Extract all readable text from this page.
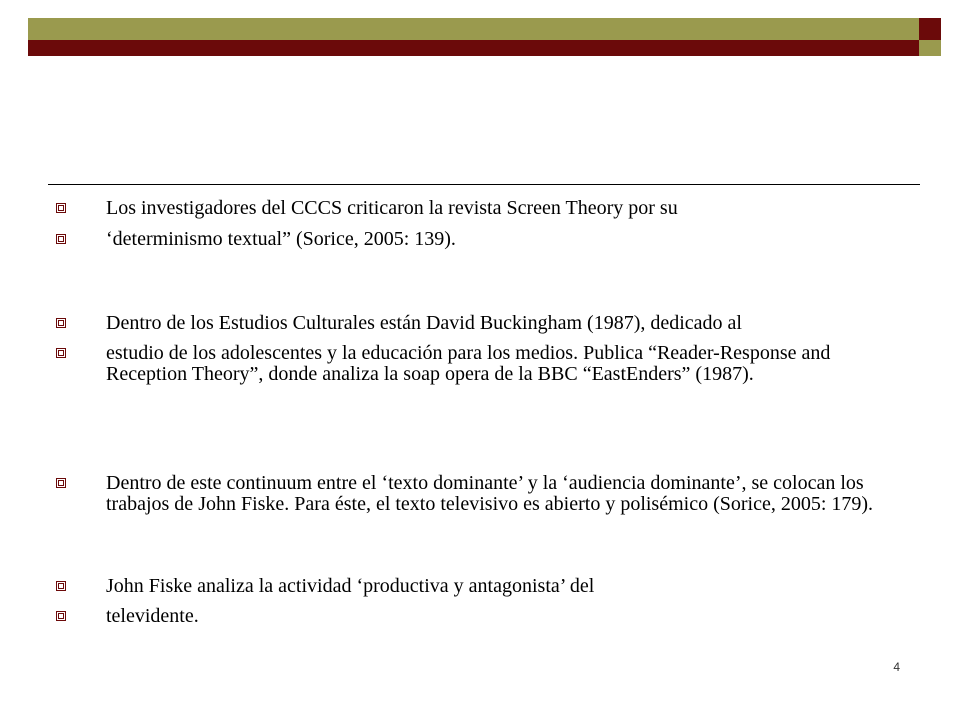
Los investigadores del CCCS criticaron la revista Screen Theory por su
‘determinismo textual” (Sorice, 2005: 139).
Dentro de los Estudios Culturales están David Buckingham (1987), dedicado al
estudio de los adolescentes y la educación para los medios. Publica “Reader-Response and Reception Theory”, donde analiza la soap opera de la BBC “EastEnders” (1987).
Dentro de este continuum entre el ‘texto dominante’ y la ‘audiencia dominante’, se colocan los trabajos de John Fiske. Para éste, el texto televisivo es abierto y polisémico (Sorice, 2005: 179).
John Fiske analiza la actividad ‘productiva y antagonista’ del
televidente.
4
